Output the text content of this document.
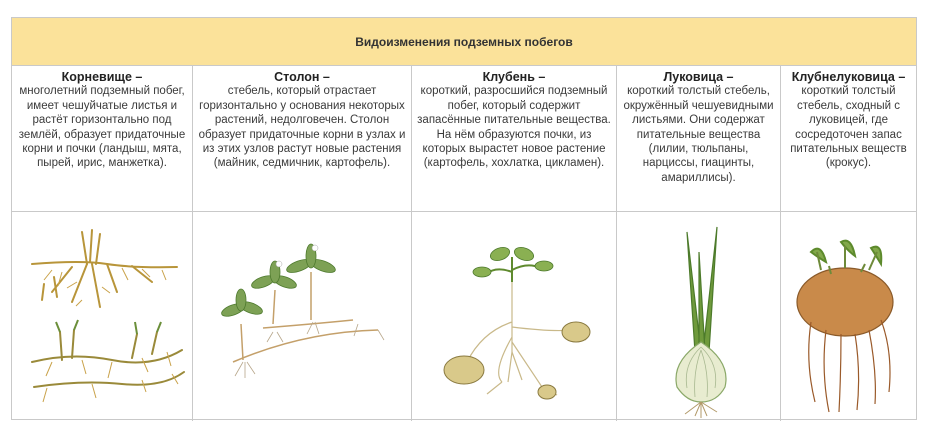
Видоизменения подземных побегов
Корневище –
многолетний подземный побег, имеет чешуйчатые листья и растёт горизонтально под землёй, образует придаточные корни и почки (ландыш, мята, пырей, ирис, манжетка).
Столон –
стебель, который отрастает горизонтально у основания некоторых растений, недолговечен. Столон образует придаточные корни в узлах и из этих узлов растут новые растения (майник, седмичник, картофель).
Клубень –
короткий, разросшийся подземный побег, который содержит запасённые питательные вещества. На нём образуются почки, из которых вырастет новое растение (картофель, хохлатка, цикламен).
Луковица –
короткий толстый стебель, окружённый чешуевидными листьями. Они содержат питательные вещества (лилии, тюльпаны, нарциссы, гиацинты, амариллисы).
Клубнелуковица –
короткий толстый стебель, сходный с луковицей, где сосредоточен запас питательных веществ (крокус).
